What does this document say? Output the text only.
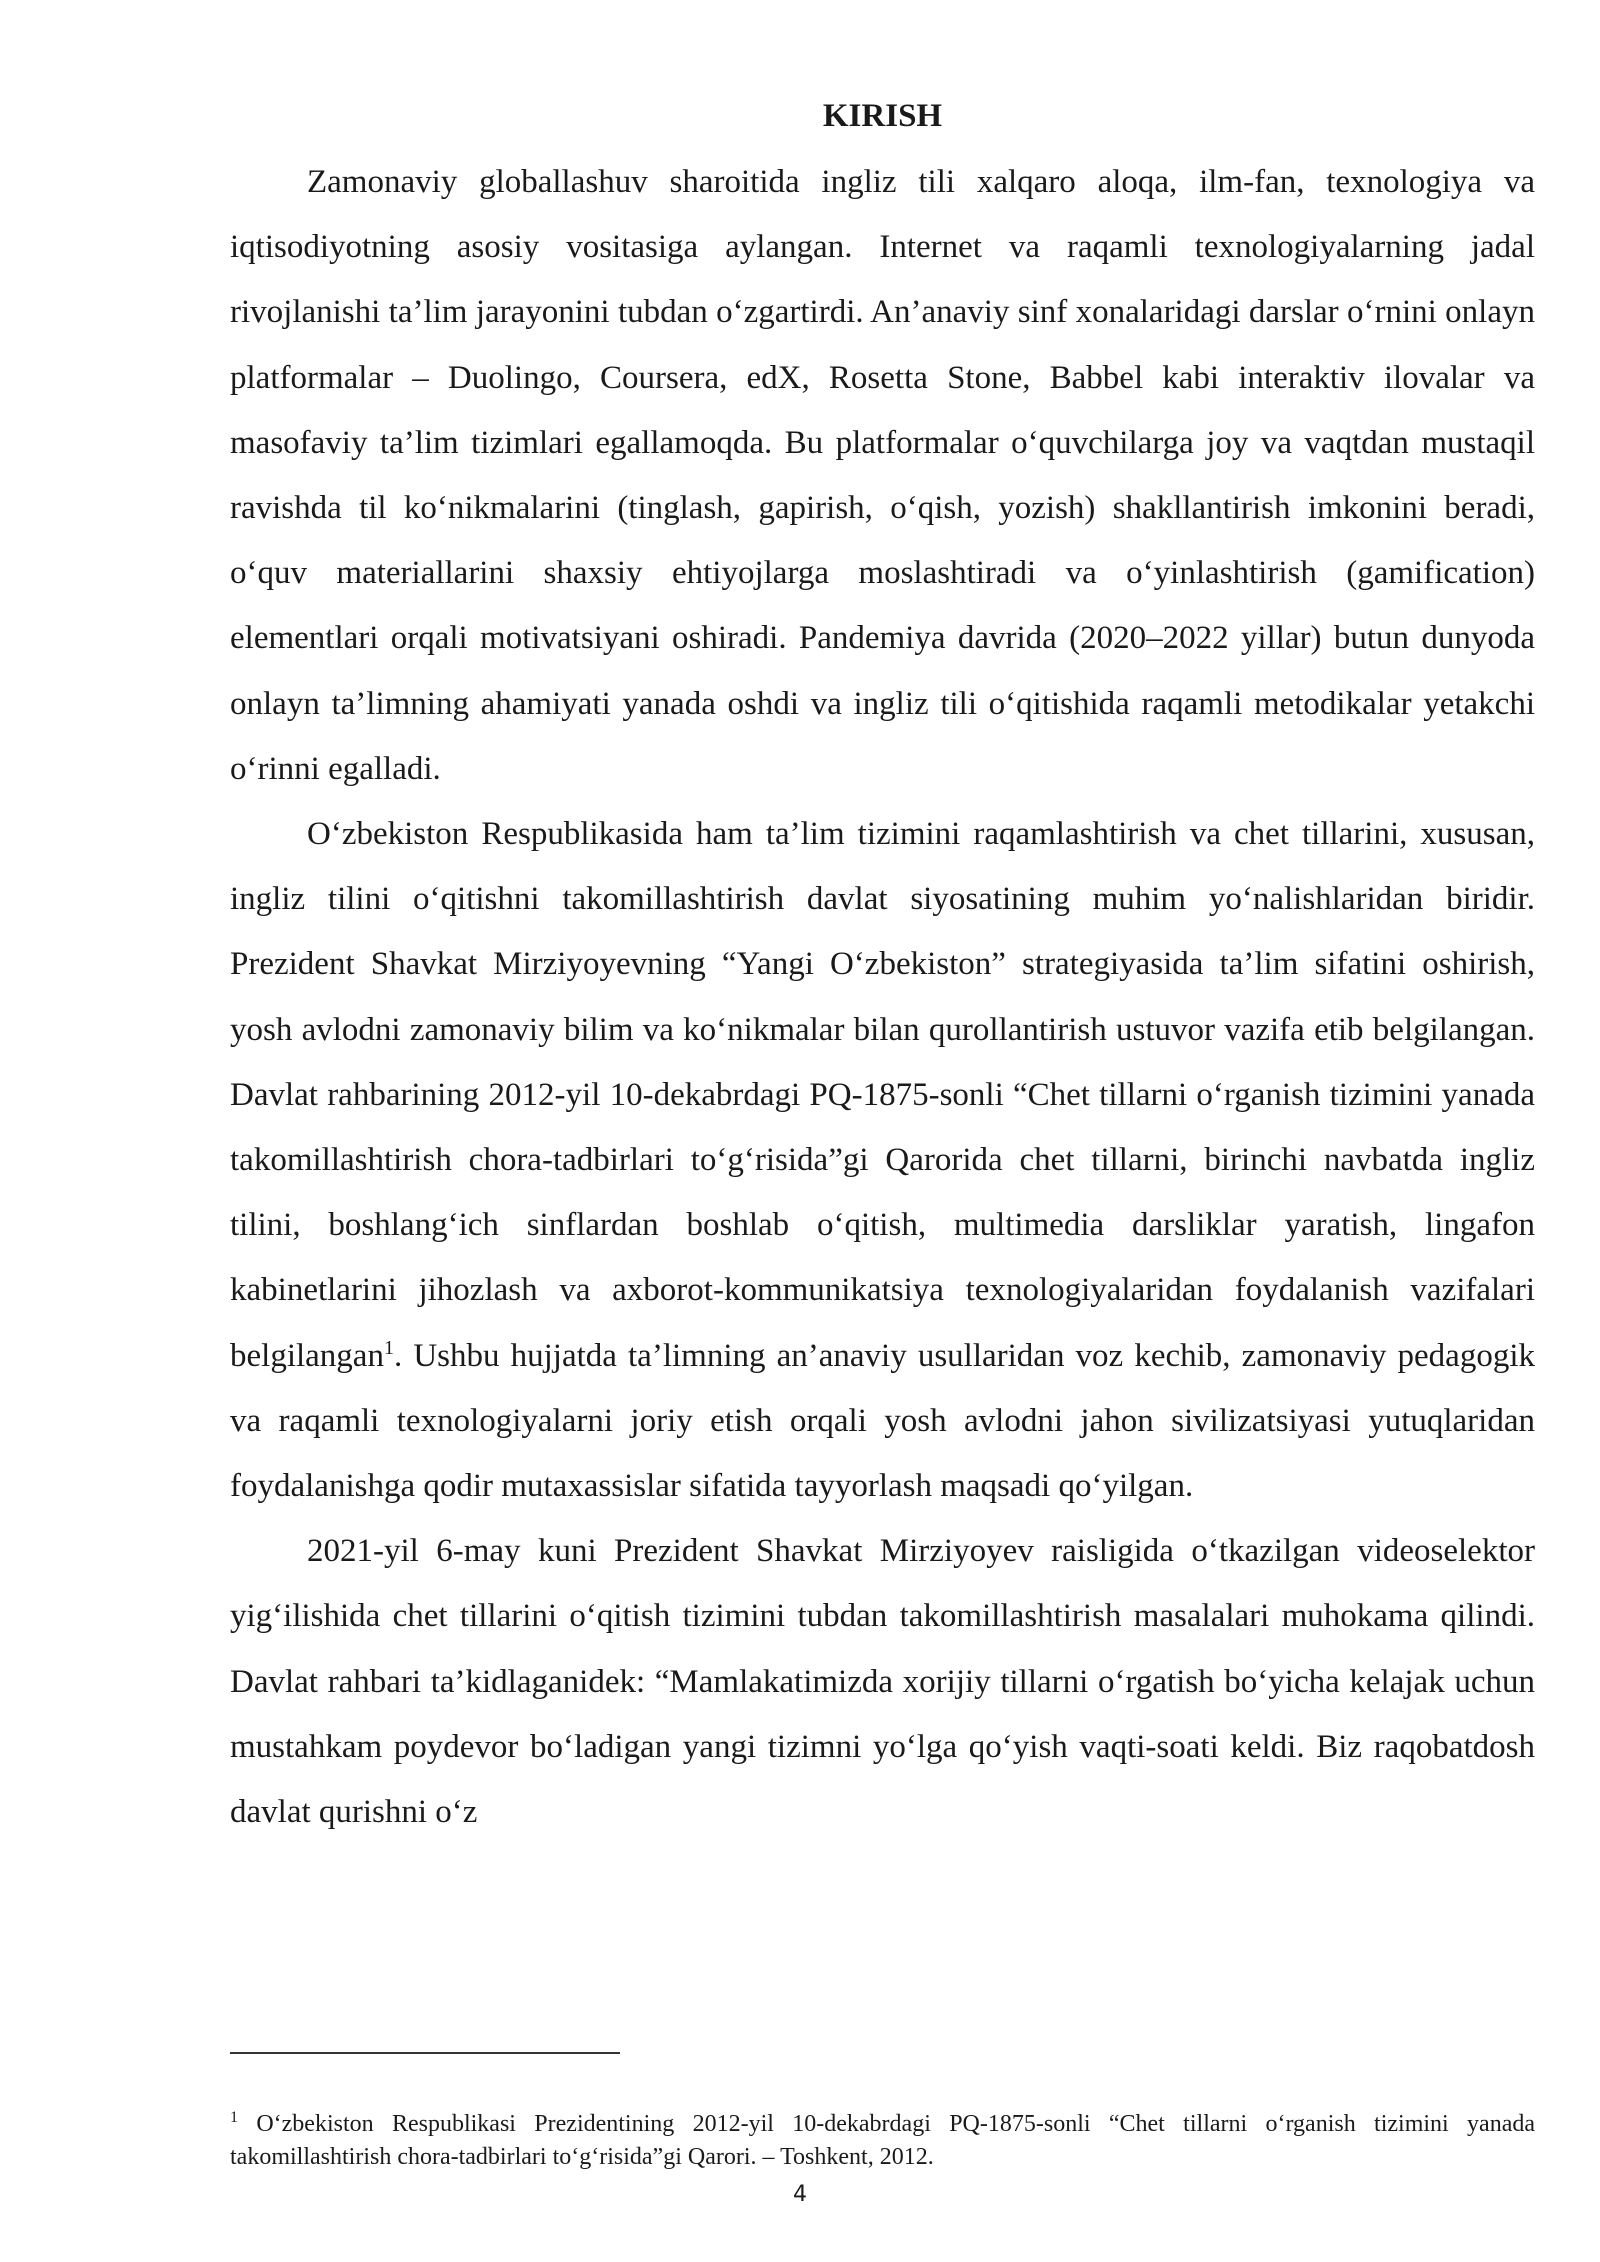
KIRISH

Zamonaviy globallashuv sharoitida ingliz tili xalqaro aloqa, ilm-fan, texnologiya va iqtisodiyotning asosiy vositasiga aylangan. Internet va raqamli texnologiyalarning jadal rivojlanishi ta’lim jarayonini tubdan o‘zgartirdi. An’anaviy sinf xonalaridagi darslar o‘rnini onlayn platformalar – Duolingo, Coursera, edX, Rosetta Stone, Babbel kabi interaktiv ilovalar va masofaviy ta’lim tizimlari egallamoqda. Bu platformalar o‘quvchilarga joy va vaqtdan mustaqil ravishda til ko‘nikmalarini (tinglash, gapirish, o‘qish, yozish) shakllantirish imkonini beradi, o‘quv materiallarini shaxsiy ehtiyojlarga moslashtiradi va o‘yinlashtirish (gamification) elementlari orqali motivatsiyani oshiradi. Pandemiya davrida (2020–2022 yillar) butun dunyoda onlayn ta’limning ahamiyati yanada oshdi va ingliz tili o‘qitishida raqamli metodikalar yetakchi o‘rinni egalladi.

O‘zbekiston Respublikasida ham ta’lim tizimini raqamlashtirish va chet tillarini, xususan, ingliz tilini o‘qitishni takomillashtirish davlat siyosatining muhim yo‘nalishlaridan biridir. Prezident Shavkat Mirziyoyevning “Yangi O‘zbekiston” strategiyasida ta’lim sifatini oshirish, yosh avlodni zamonaviy bilim va ko‘nikmalar bilan qurollantirish ustuvor vazifa etib belgilangan. Davlat rahbarining 2012-yil 10-dekabrdagi PQ-1875-sonli “Chet tillarni o‘rganish tizimini yanada takomillashtirish chora-tadbirlari to‘g‘risida”gi Qarorida chet tillarni, birinchi navbatda ingliz tilini, boshlang‘ich sinflardan boshlab o‘qitish, multimedia darsliklar yaratish, lingafon kabinetlarini jihozlash va axborot-kommunikatsiya texnologiyalaridan foydalanish vazifalari belgilangan$^1$. Ushbu hujjatda ta’limning an’anaviy usullaridan voz kechib, zamonaviy pedagogik va raqamli texnologiyalarni joriy etish orqali yosh avlodni jahon sivilizatsiyasi yutuqlaridan foydalanishga qodir mutaxassislar sifatida tayyorlash maqsadi qo‘yilgan.

2021-yil 6-may kuni Prezident Shavkat Mirziyoyev raisligida o‘tkazilgan videoselektor yig‘ilishida chet tillarini o‘qitish tizimini tubdan takomillashtirish masalalari muhokama qilindi. Davlat rahbari ta’kidlaganidek: “Mamlakatimizda xorijiy tillarni o‘rgatish bo‘yicha kelajak uchun mustahkam poydevor bo‘ladigan yangi tizimni yo‘lga qo‘yish vaqti-soati keldi. Biz raqobatdosh davlat qurishni o‘z

$^1$ O‘zbekiston Respublikasi Prezidentining 2012-yil 10-dekabrdagi PQ-1875-sonli “Chet tillarni o‘rganish tizimini yanada takomillashtirish chora-tadbirlari to‘g‘risida”gi Qarori. – Toshkent, 2012.

4
